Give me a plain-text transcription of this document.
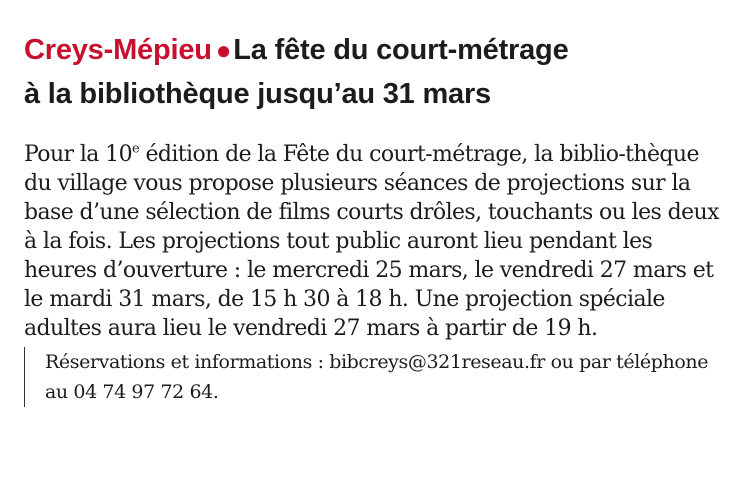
Creys-Mépieu ●La fête du court-métrage
à la bibliothèque jusqu’au 31 mars

Pour la 10e édition de la Fête du court-métrage, la biblio-thèque du village vous propose plusieurs séances de projections sur la base d’une sélection de films courts drôles, touchants ou les deux à la fois. Les projections tout public auront lieu pendant les heures d’ouverture : le mercredi 25 mars, le vendredi 27 mars et le mardi 31 mars, de 15 h 30 à 18 h. Une projection spéciale adultes aura lieu le vendredi 27 mars à partir de 19 h.

Réservations et informations : bibcreys@321reseau.fr ou par téléphone au 04 74 97 72 64.
